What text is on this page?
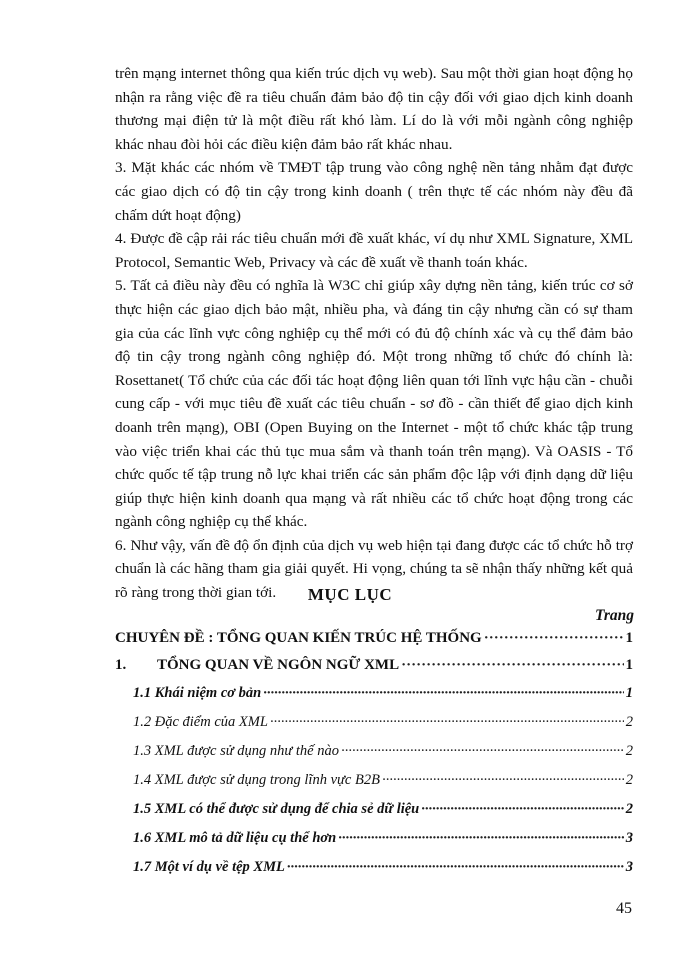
trên mạng internet thông qua kiến trúc dịch vụ web). Sau một thời gian hoạt động họ nhận ra rằng việc đề ra tiêu chuẩn đảm bảo độ tin cậy đối với giao dịch kinh doanh thương mại điện tử là một điều rất khó làm. Lí do là với mỗi ngành công nghiệp khác nhau đòi hỏi các điều kiện đảm bảo rất khác nhau.

3. Mặt khác các nhóm về TMĐT tập trung vào công nghệ nền tảng nhằm đạt được các giao dịch có độ tin cậy trong kinh doanh ( trên thực tế các nhóm này đều đã chấm dứt hoạt động)

4. Được đề cập rải rác tiêu chuẩn mới đề xuất khác, ví dụ như XML Signature, XML Protocol, Semantic Web, Privacy và các đề xuất về thanh toán khác.

5. Tất cả điều này đều có nghĩa là W3C chỉ giúp xây dựng nền tảng, kiến trúc cơ sở thực hiện các giao dịch bảo mật, nhiều pha, và đáng tin cậy nhưng cần có sự tham gia của các lĩnh vực công nghiệp cụ thể mới có đủ độ chính xác và cụ thể đảm bảo độ tin cậy trong ngành công nghiệp đó. Một trong những tổ chức đó chính là: Rosettanet( Tổ chức của các đối tác hoạt động liên quan tới lĩnh vực hậu cần - chuỗi cung cấp - với mục tiêu đề xuất các tiêu chuẩn - sơ đồ - cần thiết để giao dịch kinh doanh trên mạng), OBI (Open Buying on the Internet - một tổ chức khác tập trung vào việc triển khai các thủ tục mua sắm và thanh toán trên mạng). Và OASIS - Tổ chức quốc tế tập trung nỗ lực khai triển các sản phẩm độc lập với định dạng dữ liệu giúp thực hiện kinh doanh qua mạng và rất nhiều các tổ chức hoạt động trong các ngành công nghiệp cụ thể khác.

6. Như vậy, vấn đề độ ổn định của dịch vụ web hiện tại đang được các tổ chức hỗ trợ chuẩn là các hãng tham gia giải quyết. Hi vọng, chúng ta sẽ nhận thấy những kết quả rõ ràng trong thời gian tới.	MỤC LỤC
Trang
CHUYÊN ĐỀ : TỔNG QUAN KIẾN TRÚC HỆ THỐNG ·····	1
1. TỔNG QUAN VỀ NGÔN NGỮ XML ·····	1
1.1 Khái niệm cơ bản ·····	1
1.2 Đặc điểm của XML ·····	2
1.3 XML được sử dụng như thế nào ·····	2
1.4 XML được sử dụng trong lĩnh vực B2B ·····	2
1.5 XML có thể được sử dụng để chia sẻ dữ liệu ·····	2
1.6 XML mô tả dữ liệu cụ thể hơn ·····	3
1.7 Một ví dụ về tệp XML ·····	3
45
